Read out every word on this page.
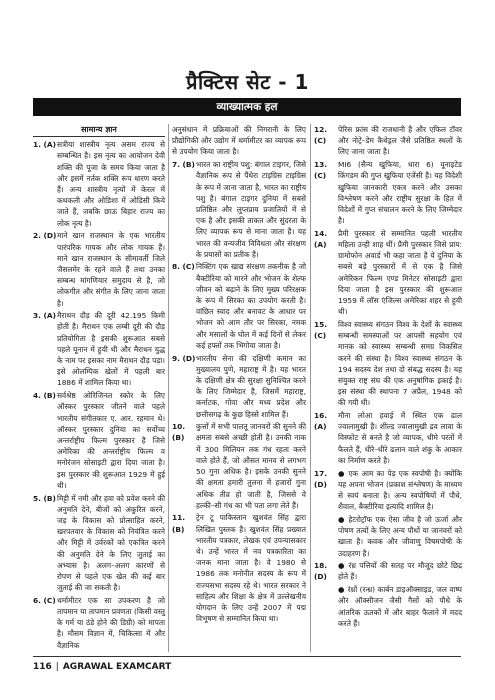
प्रैक्टिस सेट - 1
व्याख्यात्मक हल
सामान्य ज्ञान
1. (A) सत्रीया शास्त्रीय नृत्य असम राज्य से सम्बन्धित है। इस नृत्य का आयोजन देवी शक्ति की पूजा के समय किया जाता है और इसमें नर्तक शक्ति रूप धारण करते हैं। अन्य शास्त्रीय नृत्यों में केरल में कथकली और ओडिशा में ओडिसी किये जाते हैं, जबकि छाऊ बिहार राज्य का लोक नृत्य है।
2. (D) माने खान राजस्थान के एक भारतीय पारंपरिक गायक और लोक गायक हैं। माने खान राजस्थान के सीमावर्ती जिले जैसलमेर के रहने वाले हैं तथा उनका सम्बन्ध मांगणियार समुदाय से है, जो लोकगीत और संगीत के लिए जाना जाता है।
3. (A) मैराथन दौड़ की दूरी 42.195 किमी होती है। मैराथन एक लम्बी दूरी की दौड़ प्रतियोगिता है इसकी शुरूआत सबसे पहले यूनान में हुयी थी और मैराथन युद्ध के नाम पर इसका नाम मैराथन दौड़ पड़ा। इसे ओलम्पिक खेलों में पहली बार 1886 में शामिल किया था।
4. (B) सर्वश्रेष्ठ ओरिजिनल स्कोर के लिए ऑस्कर पुरस्कार जीतने वाले पहले भारतीय संगीतकार ए. आर. रहमान थे। ऑस्कर पुरस्कार दुनिया का सर्वोच्च अन्तर्राष्ट्रीय फिल्म पुरस्कार है जिसे अमेरिका की अन्तर्राष्ट्रीय फिल्म व मनोरंजन सोसाइटी द्वारा दिया जाता है। इस पुरस्कार की शुरूआत 1929 में हुई थी।
5. (B) मिट्टी में नमी और हवा को प्रवेश करने की अनुमति देने, बीजों को अंकुरित करने, जड़ के विकास को प्रोत्साहित करने, खरपतवार के विकास को नियंत्रित करने और मिट्टी में उर्वरकों को एकत्रित करने की अनुमति देने के लिए जुताई का अभ्यास है। अलग–अलग कारणों से रोपण से पहले एक खेत की कई बार जुताई की जा सकती है।
6. (C) थर्मामीटर एक सा उपकरण है जो तापमान या तापमान प्रवणता (किसी वस्तु के गर्म या ठंडे होने की डिग्री) को मापता है। मौसम विज्ञान में, चिकित्सा में और वैज्ञानिक
अनुसंधान में प्रक्रियाओं की निगरानी के लिए प्रौद्योगिकी और उद्योग में थर्मामीटर का व्यापक रूप से उपयोग किया जाता है।
7. (B) भारत का राष्ट्रीय पशु: बंगाल टाइगर, जिसे वैज्ञानिक रूप से पैंथेरा टाइग्रिस टाइग्रिस के रूप में जाना जाता है, भारत का राष्ट्रीय पशु है। बंगाल टाइगर दुनिया में सबसे प्रतिष्ठित और लुप्तप्राय प्रजातियों में से एक है और इसकी ताकत और सुंदरता के लिए व्यापक रूप से माना जाता है। यह भारत की वन्यजीव विविधता और संरक्षण के प्रयासों का प्रतीक है।
8. (C) निक्टिंग एक खाद्य संरक्षण तकनीक है जो बैक्टीरिया को मारने और भोजन के शेल्फ जीवन को बढ़ाने के लिए मुख्य परिरक्षक के रूप में सिरका का उपयोग करती है। वांछित स्वाद और बनावट के आधार पर भोजन को आम तौर पर सिरका, नमक और मसालों के घोल में कई दिनों से लेकर कई हफ्तों तक भिगोया जाता है।
9. (D) भारतीय सेना की दक्षिणी कमान का मुख्यालय पुणे, महाराष्ट्र में है। यह भारत के दक्षिणी क्षेत्र की सुरक्षा सुनिश्चित करने के लिए जिम्मेदार है, जिसमें महाराष्ट्र, कर्नाटक, गोवा और मध्य प्रदेश और छत्तीसगढ़ के कुछ हिस्से शामिल हैं।
10. (B)
कुत्तों में सभी पालतू जानवरों की सुनने की क्षमता सबसे अच्छी होती है। उनकी नाक में 300 मिलियन तक गंध रहता करने वाले होते हैं, जो औसत मानव से लगभग 50 गुना अधिक है। इसके उनकी सुनने की क्षमता हमारी तुलना में हजारों गुना अधिक तीव्र हो जाती है, जिससे वे हल्की–सी गंध का भी पता लगा लेते हैं।
11. (B)
ट्रेन टू पाकिस्तान खुशवंत सिंह द्वारा लिखित पुस्तक है। खुशवंत सिंह प्रख्यात भारतीय पत्रकार, लेखक एवं उपन्यासकार थे। उन्हें भारत में नव पत्रकारिता का जनक माना जाता है। वे 1980 से 1986 तक मनोनीत सदस्य के रूप में राज्यसभा सदस्य रहे थे। भारत सरकार ने साहित्य और शिक्षा के क्षेत्र में उल्लेखनीय योगदान के लिए उन्हें 2007 में पद्म विभूषण से सम्मानित किया था।
12. (C)
पेरिस फ्रांस की राजधानी है और एफिल टॉवर और नोट्रे–डेम कैथेड्रल जैसे प्रतिष्ठित स्थलों के लिए जाना जाता है।
13. (C)
MI6 (सैन्य खुफिया, धारा 6) यूनाइटेड किंगडम की गुप्त खुफिया एजेंसी है। यह विदेशी खुफिया जानकारी एकत्र करने और उसका विश्लेषण करने और राष्ट्रीय सुरक्षा के हित में विदेशों में गुप्त संचालन करने के लिए जिम्मेदार है।
14. (A)
प्रैमी पुरस्कार से सम्मानित पहली भारतीय महिला उन्ही शाह थीं। प्रैमी पुरस्कार जिसे प्राय: ग्रामोफोन अवार्ड भी कहा जाता है ये दुनिया के सबसे बड़े पुरस्कारों में से एक है जिसे अमेरिकन फिल्म एण्ड मिनेटर सोसाइटी द्वारा दिया जाता है इस पुरस्कार की शुरूआत 1959 में लॉस एंजिल्स अमेरिका शहर से हुयी थी।
15. (C)
विश्व स्वास्थ्य संगठन विश्व के देशों के स्वास्थ्य सम्बन्धी समस्याओं पर आपसी सहयोग एवं मानक को स्वास्थ्य सम्बन्धी समग्र विकसित करने की संस्था है। विश्व स्वास्थ्य संगठन के 194 सदस्य देश तथा दो संबद्ध सदस्य है। यह संयुक्त राष्ट्र संघ की एक अनुषांगिक इकाई है। इस संस्था की स्थापना 7 अप्रैल, 1948 को की गयी थी।
16. (A)
मौना लोआ हवाई में स्थित एक ढाल ज्वालामुखी है। शील्ड ज्वालामुखी द्रव लावा के विस्फोट से बनते है जो व्यापक, धीमे परतों में फैलते हैं, धीरे–धीरे ढलान वाले शंकु के आकार का निर्माण करते है।
17. (D)
● एक आम का पेड़ एक स्वपोषी है। क्योंकि यह अपना भोजन (प्रकाश संश्लेषण) के माध्यम से स्वयं बनाता है। अन्य स्वपोषियों में पौधे, शैवाल, बैक्टीरिया इत्यादि शामिल है।
● हेटरोट्रॉफ एक ऐसा जीव है जो ऊर्जा और पोषण तत्वों के लिए अन्य पौधों या जानवरों को खाता है। कवक और जीवाणु विषमपोषी के उदाहरण है।
18. (D)
● रंध्र पत्तियों की सतह पर मौजूद छोटे छिद्र होते हैं।
● रंध्रों (रन्ध्र) कार्बन डाइऑक्साइड, जल वाष्प और ऑक्सीजन जैसी गैसों को पौधे के आंतरिक ऊतकों में और बाहर फैलाने में मदद करते हैं।
116 | AGRAWAL EXAMCART
